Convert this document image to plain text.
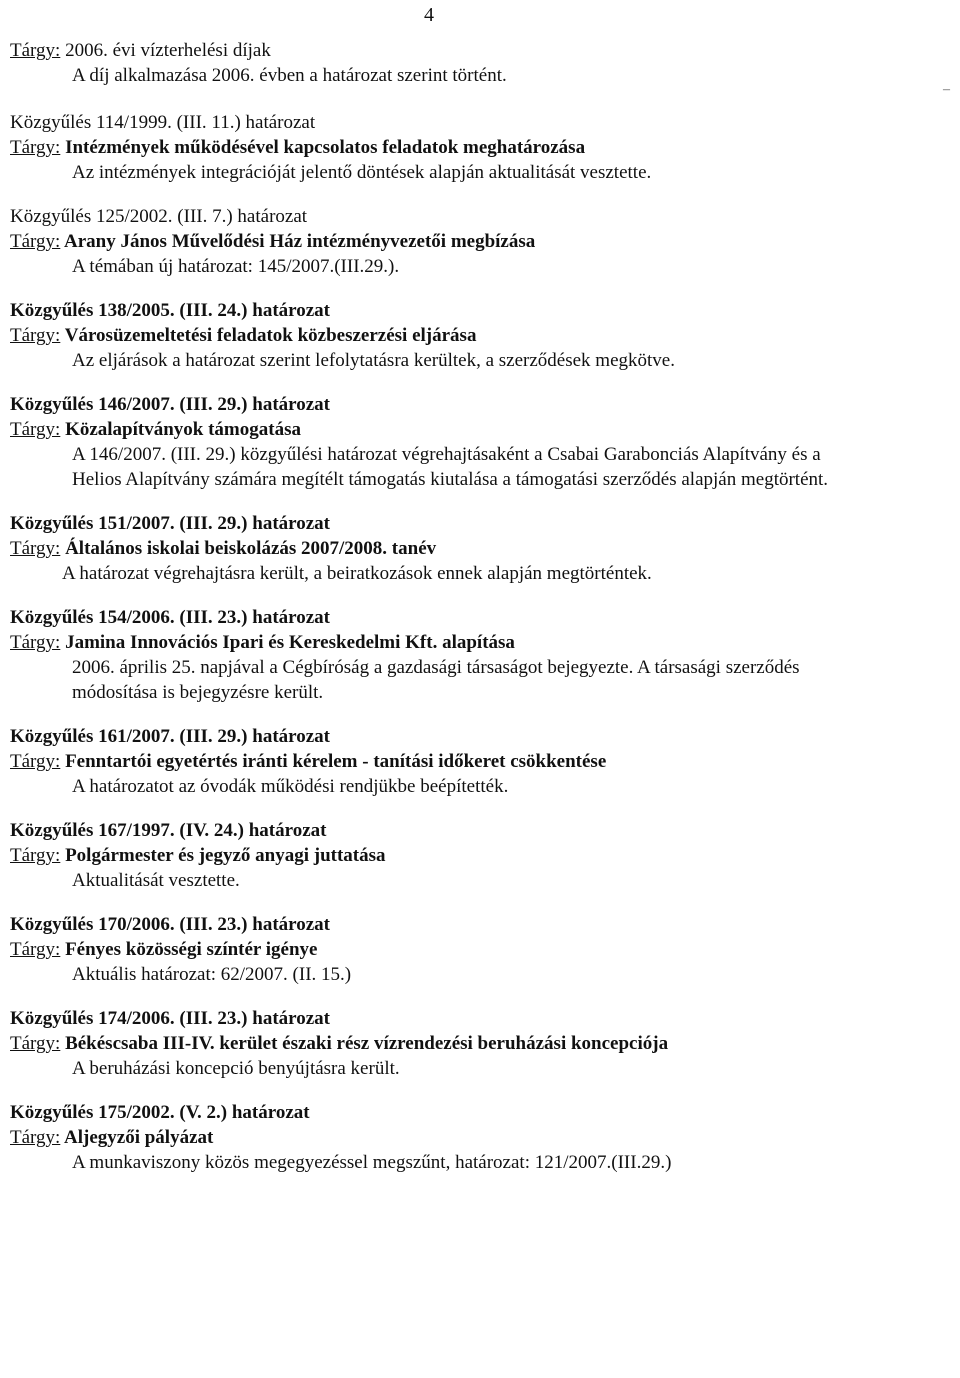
4
–
Tárgy: 2006. évi vízterhelési díjak
A díj alkalmazása 2006. évben a határozat szerint történt.
Közgyűlés 114/1999. (III. 11.) határozat
Tárgy: Intézmények működésével kapcsolatos feladatok meghatározása
Az intézmények integrációját jelentő döntések alapján aktualitását vesztette.
Közgyűlés 125/2002. (III. 7.) határozat
Tárgy: Arany János Művelődési Ház intézményvezetői megbízása
A témában új határozat: 145/2007.(III.29.).
Közgyűlés 138/2005. (III. 24.) határozat
Tárgy: Városüzemeltetési feladatok közbeszerzési eljárása
Az eljárások a határozat szerint lefolytatásra kerültek, a szerződések megkötve.
Közgyűlés 146/2007. (III. 29.) határozat
Tárgy: Közalapítványok támogatása
A 146/2007. (III. 29.) közgyűlési határozat végrehajtásaként a Csabai Garabonciás Alapítvány és a Helios Alapítvány számára megítélt támogatás kiutalása a támogatási szerződés alapján megtörtént.
Közgyűlés 151/2007. (III. 29.) határozat
Tárgy: Általános iskolai beiskolázás 2007/2008. tanév
A határozat végrehajtásra került, a beiratkozások ennek alapján megtörténtek.
Közgyűlés 154/2006. (III. 23.) határozat
Tárgy: Jamina Innovációs Ipari és Kereskedelmi Kft. alapítása
2006. április 25. napjával a Cégbíróság a gazdasági társaságot bejegyezte. A társasági szerződés módosítása is bejegyzésre került.
Közgyűlés 161/2007. (III. 29.) határozat
Tárgy: Fenntartói egyetértés iránti kérelem - tanítási időkeret csökkentése
A határozatot az óvodák működési rendjükbe beépítették.
Közgyűlés 167/1997. (IV. 24.) határozat
Tárgy: Polgármester és jegyző anyagi juttatása
Aktualitását vesztette.
Közgyűlés 170/2006. (III. 23.) határozat
Tárgy: Fényes közösségi színtér igénye
Aktuális határozat: 62/2007. (II. 15.)
Közgyűlés 174/2006. (III. 23.) határozat
Tárgy: Békéscsaba III-IV. kerület északi rész vízrendezési beruházási koncepciója
A beruházási koncepció benyújtásra került.
Közgyűlés 175/2002. (V. 2.) határozat
Tárgy: Aljegyzői pályázat
A munkaviszony közös megegyezéssel megszűnt, határozat: 121/2007.(III.29.)
